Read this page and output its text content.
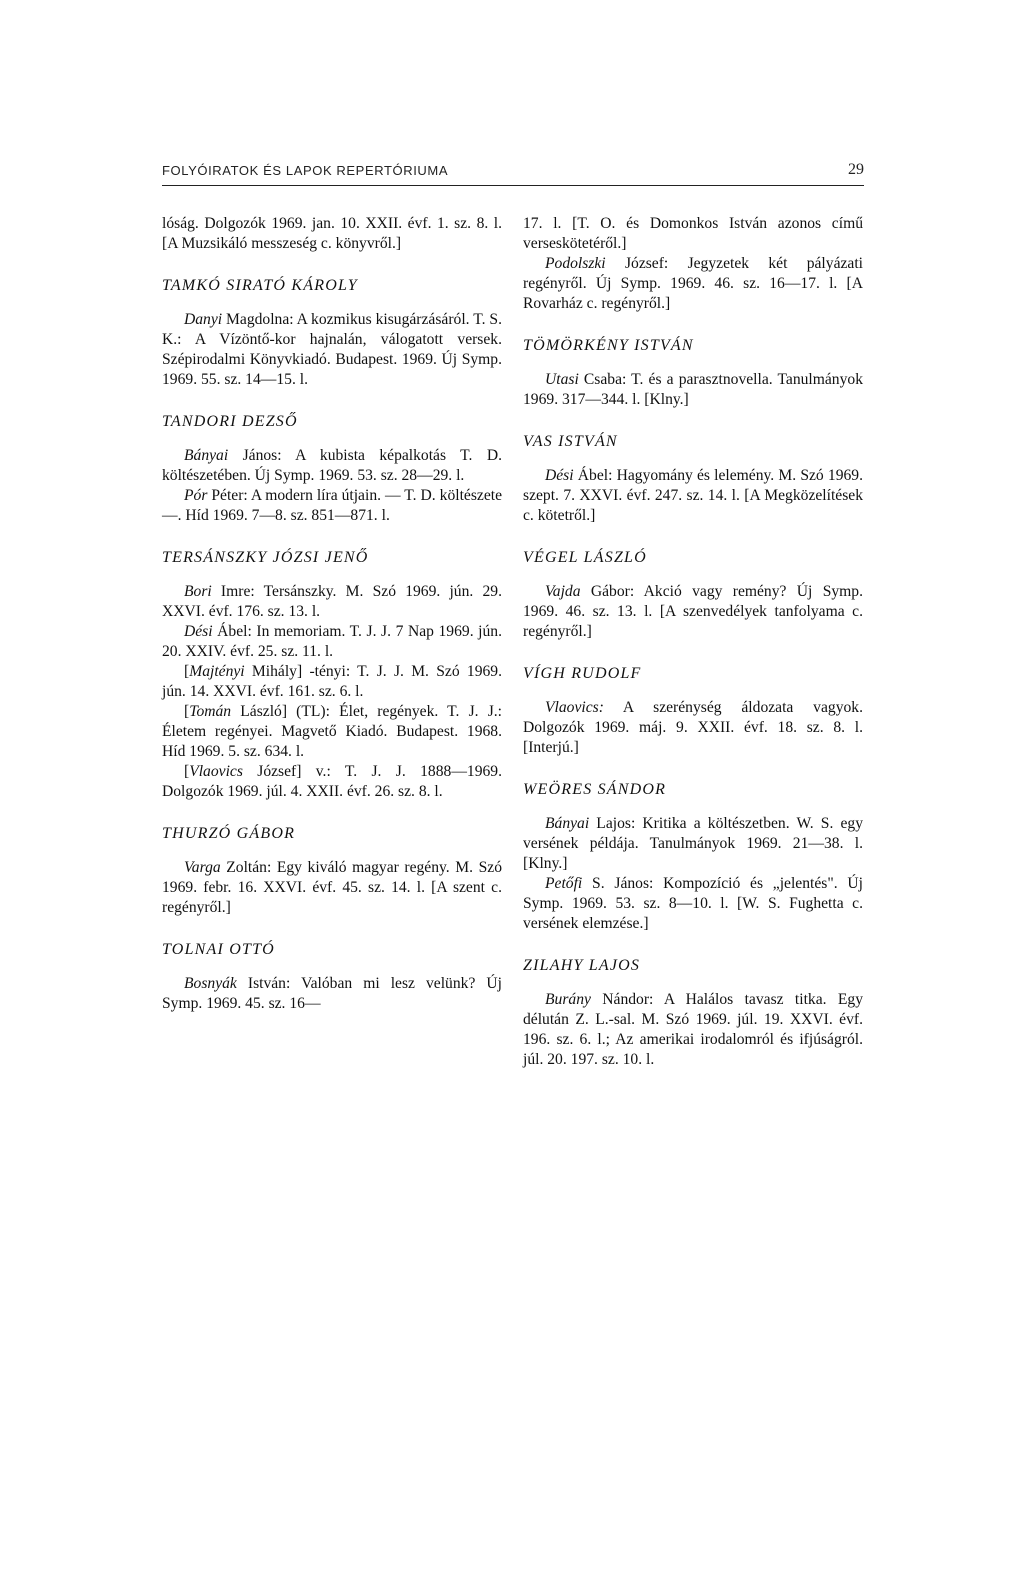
FOLYÓIRATOK ÉS LAPOK REPERTÓRIUMA	29

lóság. Dolgozók 1969. jan. 10. XXII. évf. 1. sz. 8. l. [A Muzsikáló messzeség c. könyvről.]

TAMKÓ SIRATÓ KÁROLY

Danyi Magdolna: A kozmikus kisugárzásáról. T. S. K.: A Vízöntő-kor hajnalán, válogatott versek. Szépirodalmi Könyvkiadó. Budapest. 1969. Új Symp. 1969. 55. sz. 14—15. l.

TANDORI DEZSŐ

Bányai János: A kubista képalkotás T. D. költészetében. Új Symp. 1969. 53. sz. 28—29. l.

Pór Péter: A modern líra útjain. — T. D. költészete —. Híd 1969. 7—8. sz. 851—871. l.

TERSÁNSZKY JÓZSI JENŐ

Bori Imre: Tersánszky. M. Szó 1969. jún. 29. XXVI. évf. 176. sz. 13. l.

Dési Ábel: In memoriam. T. J. J. 7 Nap 1969. jún. 20. XXIV. évf. 25. sz. 11. l.

[Majtényi Mihály] -tényi: T. J. J. M. Szó 1969. jún. 14. XXVI. évf. 161. sz. 6. l.

[Tomán László] (TL): Élet, regények. T. J. J.: Életem regényei. Magvető Kiadó. Budapest. 1968. Híd 1969. 5. sz. 634. l.

[Vlaovics József] v.: T. J. J. 1888—1969. Dolgozók 1969. júl. 4. XXII. évf. 26. sz. 8. l.

THURZÓ GÁBOR

Varga Zoltán: Egy kiváló magyar regény. M. Szó 1969. febr. 16. XXVI. évf. 45. sz. 14. l. [A szent c. regényről.]

TOLNAI OTTÓ

Bosnyák István: Valóban mi lesz velünk? Új Symp. 1969. 45. sz. 16—

17. l. [T. O. és Domonkos István azonos című verseskötetéről.]

Podolszki József: Jegyzetek két pályázati regényről. Új Symp. 1969. 46. sz. 16—17. l. [A Rovarház c. regényről.]

TÖMÖRKÉNY ISTVÁN

Utasi Csaba: T. és a parasztnovella. Tanulmányok 1969. 317—344. l. [Klny.]

VAS ISTVÁN

Dési Ábel: Hagyomány és lelemény. M. Szó 1969. szept. 7. XXVI. évf. 247. sz. 14. l. [A Megközelítések c. kötetről.]

VÉGEL LÁSZLÓ

Vajda Gábor: Akció vagy remény? Új Symp. 1969. 46. sz. 13. l. [A szenvedélyek tanfolyama c. regényről.]

VÍGH RUDOLF

Vlaovics: A szerénység áldozata vagyok. Dolgozók 1969. máj. 9. XXII. évf. 18. sz. 8. l. [Interjú.]

WEÖRES SÁNDOR

Bányai Lajos: Kritika a költészetben. W. S. egy versének példája. Tanulmányok 1969. 21—38. l. [Klny.]

Petőfi S. János: Kompozíció és „jelentés". Új Symp. 1969. 53. sz. 8—10. l. [W. S. Fughetta c. versének elemzése.]

ZILAHY LAJOS

Burány Nándor: A Halálos tavasz titka. Egy délután Z. L.-sal. M. Szó 1969. júl. 19. XXVI. évf. 196. sz. 6. l.; Az amerikai irodalomról és ifjúságról. júl. 20. 197. sz. 10. l.
